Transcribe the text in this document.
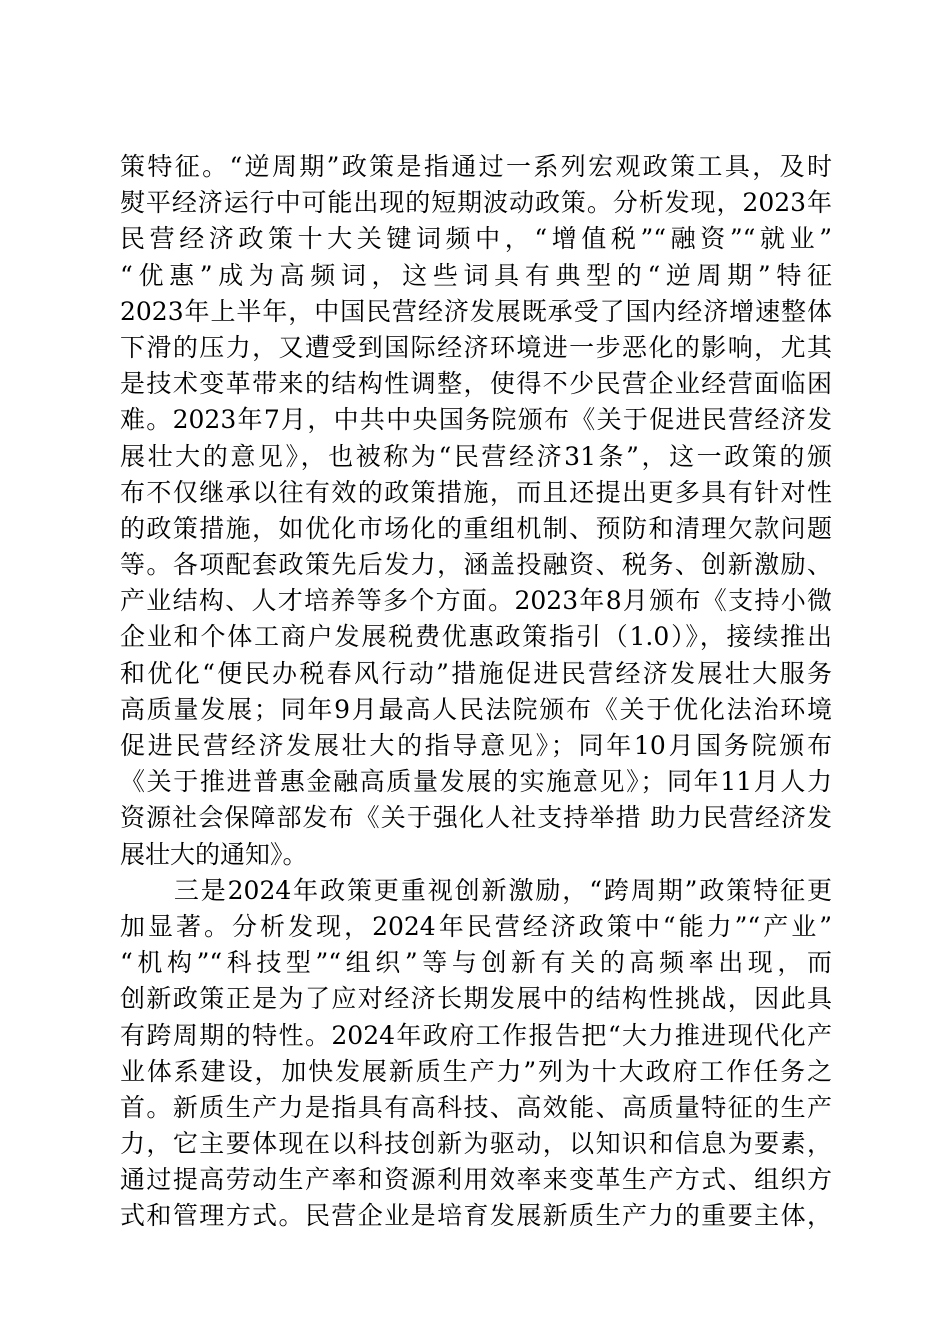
策特征。“逆周期”政策是指通过一系列宏观政策工具，及时
熨平经济运行中可能出现的短期波动政策。分析发现，2023年
民营经济政策十大关键词频中，“增值税”“融资”“就业”
“优惠”成为高频词，这些词具有典型的“逆周期”特征
2023年上半年，中国民营经济发展既承受了国内经济增速整体
下滑的压力，又遭受到国际经济环境进一步恶化的影响，尤其
是技术变革带来的结构性调整，使得不少民营企业经营面临困
难。2023年7月，中共中央国务院颁布《关于促进民营经济发
展壮大的意见》，也被称为“民营经济31条”，这一政策的颁
布不仅继承以往有效的政策措施，而且还提出更多具有针对性
的政策措施，如优化市场化的重组机制、预防和清理欠款问题
等。各项配套政策先后发力，涵盖投融资、税务、创新激励、
产业结构、人才培养等多个方面。2023年8月颁布《支持小微
企业和个体工商户发展税费优惠政策指引（1.0）》，接续推出
和优化“便民办税春风行动”措施促进民营经济发展壮大服务
高质量发展；同年9月最高人民法院颁布《关于优化法治环境
促进民营经济发展壮大的指导意见》；同年10月国务院颁布
《关于推进普惠金融高质量发展的实施意见》；同年11月人力
资源社会保障部发布《关于强化人社支持举措 助力民营经济发
展壮大的通知》。
　　三是2024年政策更重视创新激励，“跨周期”政策特征更
加显著。分析发现，2024年民营经济政策中“能力”“产业”
“机构”“科技型”“组织”等与创新有关的高频率出现，而
创新政策正是为了应对经济长期发展中的结构性挑战，因此具
有跨周期的特性。2024年政府工作报告把“大力推进现代化产
业体系建设，加快发展新质生产力”列为十大政府工作任务之
首。新质生产力是指具有高科技、高效能、高质量特征的生产
力，它主要体现在以科技创新为驱动，以知识和信息为要素，
通过提高劳动生产率和资源利用效率来变革生产方式、组织方
式和管理方式。民营企业是培育发展新质生产力的重要主体，
